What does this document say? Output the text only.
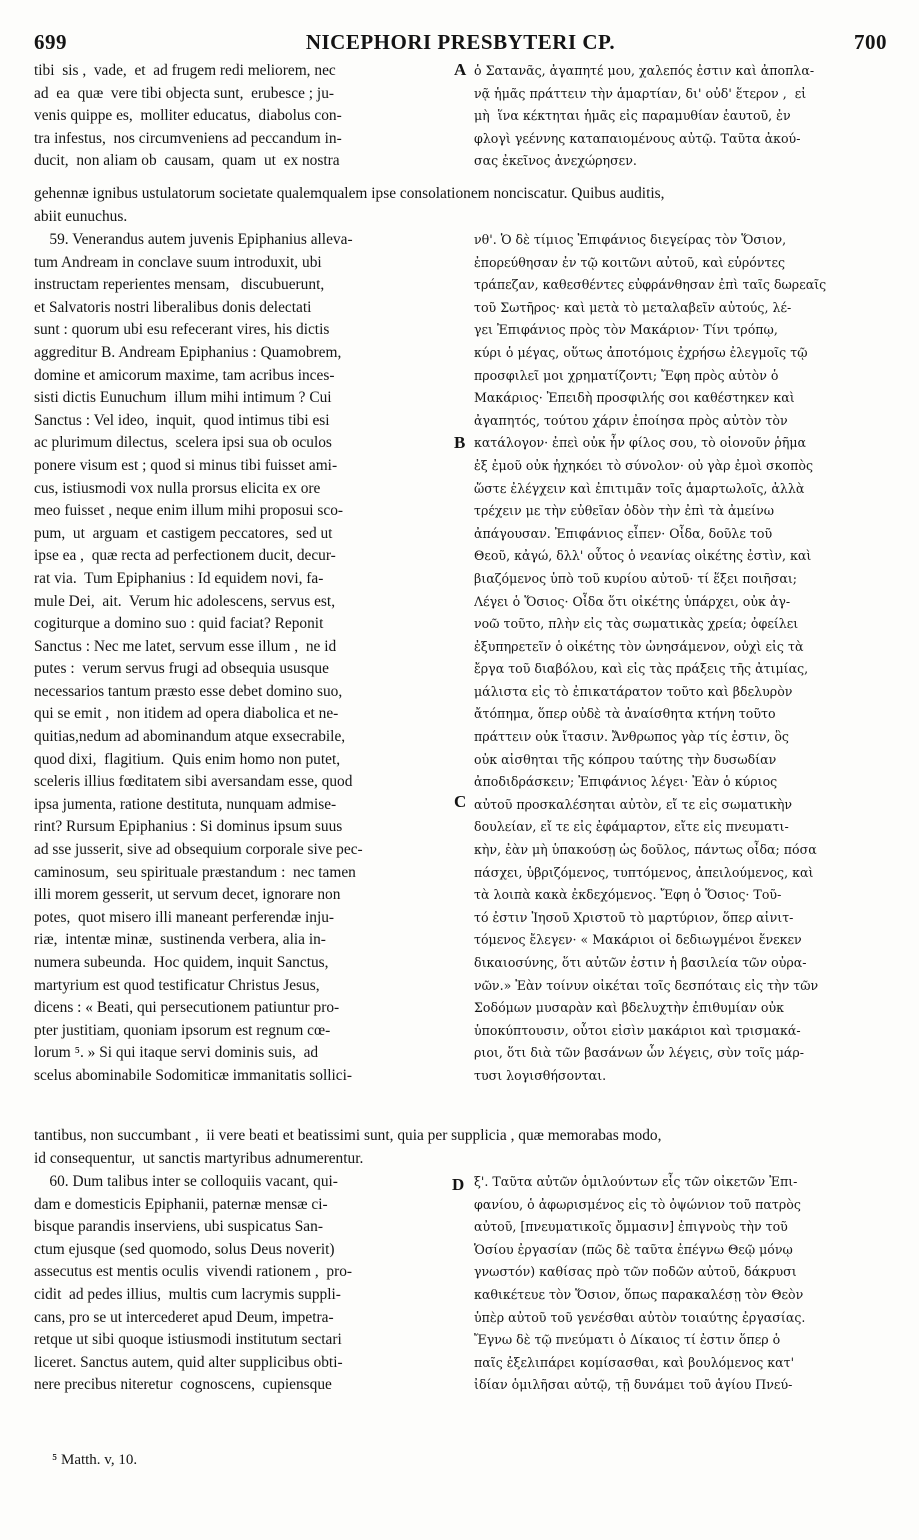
699	NICEPHORI PRESBYTERI CP.	700
tibi  sis ,  vade,  et  ad frugem redi meliorem, nec
ad  ea  quæ  vere tibi objecta sunt,  erubesce ; ju-
venis quippe es,  molliter educatus,  diabolus con-
tra infestus,  nos circumveniens ad peccandum in-
ducit,  non aliam ob  causam,  quam  ut  ex nostra
ὁ Σατανᾶς, ἀγαπητέ μου, χαλεπός ἐστιν καὶ ἀποπλα-
νᾷ ἡμᾶς πράττειν τὴν ἁμαρτίαν, δι' οὐδ' ἕτερον ,  εἰ
μὴ  ἵνα κέκτηται ἡμᾶς εἰς παραμυθίαν ἑαυτοῦ, ἐν
φλογὶ γεέννης καταπαιομένους αὐτῷ. Ταῦτα ἀκού-
σας ἐκεῖνος ἀνεχώρησεν.
gehennæ ignibus ustulatorum societate qualemqualem ipse consolationem nonciscatur. Quibus auditis,
abiit eunuchus.
59. Venerandus autem juvenis Epiphanius alleva-
tum Andream in conclave suum introduxit, ubi
instructam reperientes mensam,   discubuerunt,
et Salvatoris nostri liberalibus donis delectati
sunt : quorum ubi esu refecerant vires, his dictis
aggreditur B. Andream Epiphanius : Quamobrem,
domine et amicorum maxime, tam acribus inces-
sisti dictis Eunuchum  illum mihi intimum ? Cui
Sanctus : Vel ideo,  inquit,  quod intimus tibi esi
ac plurimum dilectus,  scelera ipsi sua ob oculos
ponere visum est ; quod si minus tibi fuisset ami-
cus, istiusmodi vox nulla prorsus elicita ex ore
meo fuisset , neque enim illum mihi proposui sco-
pum,  ut  arguam  et castigem peccatores,  sed ut
ipse ea ,  quæ recta ad perfectionem ducit, decur-
rat via.  Tum Epiphanius : Id equidem novi, fa-
mule Dei,  ait.  Verum hic adolescens, servus est,
cogiturque a domino suo : quid faciat? Reponit
Sanctus : Nec me latet, servum esse illum ,  ne id
putes :  verum servus frugi ad obsequia ususque
necessarios tantum præsto esse debet domino suo,
qui se emit ,  non itidem ad opera diabolica et ne-
quitias,nedum ad abominandum atque exsecrabile,
quod dixi,  flagitium.  Quis enim homo non putet,
sceleris illius fœditatem sibi aversandam esse, quod
ipsa jumenta, ratione destituta, nunquam admise-
rint? Rursum Epiphanius : Si dominus ipsum suus
ad sse jusserit, sive ad obsequium corporale sive pec-
caminosum,  seu spirituale præstandum :  nec tamen
illi morem gesserit, ut servum decet, ignorare non
potes,  quot misero illi maneant perferendæ inju-
riæ,  intentæ minæ,  sustinenda verbera, alia in-
numera subeunda.  Hoc quidem, inquit Sanctus,
martyrium est quod testificatur Christus Jesus,
dicens : « Beati, qui persecutionem patiuntur pro-
pter justitiam, quoniam ipsorum est regnum cœ-
lorum ⁵. » Si qui itaque servi dominis suis,  ad
scelus abominabile Sodomiticæ immanitatis sollici-
νθ'. Ὁ δὲ τίμιος Ἐπιφάνιος διεγείρας τὸν Ὅσιον,
ἐπορεύθησαν ἐν τῷ κοιτῶνι αὐτοῦ, καὶ εὑρόντες
τράπεζαν, καθεσθέντες εὐφράνθησαν ἐπὶ ταῖς δωρεαῖς
τοῦ Σωτῆρος· καὶ μετὰ τὸ μεταλαβεῖν αὐτούς, λέ-
γει Ἐπιφάνιος πρὸς τὸν Μακάριον· Τίνι τρόπῳ,
κύρι ὁ μέγας, οὕτως ἀποτόμοις ἐχρήσω ἐλεγμοῖς τῷ
προσφιλεῖ μοι χρηματίζοντι; Ἔφη πρὸς αὐτὸν ὁ
Μακάριος· Ἐπειδὴ προσφιλής σοι καθέστηκεν καὶ
ἀγαπητός, τούτου χάριν ἐποίησα πρὸς αὐτὸν τὸν
κατάλογον· ἐπεὶ οὐκ ἦν φίλος σου, τὸ οἱονοῦν ῥῆμα
ἐξ ἐμοῦ οὐκ ἠχηκόει τὸ σύνολον· οὐ γὰρ ἐμοὶ σκοπὸς
ὥστε ἐλέγχειν καὶ ἐπιτιμᾶν τοῖς ἁμαρτωλοῖς, ἀλλὰ
τρέχειν με τὴν εὐθεῖαν ὁδὸν τὴν ἐπὶ τὰ ἀμείνω
ἀπάγουσαν. Ἐπιφάνιος εἶπεν· Οἶδα, δοῦλε τοῦ
Θεοῦ, κἀγώ, δλλ' οὗτος ὁ νεανίας οἰκέτης ἐστὶν, καὶ
βιαζόμενος ὑπὸ τοῦ κυρίου αὐτοῦ· τί ἕξει ποιῆσαι;
Λέγει ὁ Ὅσιος· Οἶδα ὅτι οἰκέτης ὑπάρχει, οὐκ ἀγ-
νοῶ τοῦτο, πλὴν εἰς τὰς σωματικὰς χρεία; ὀφείλει
ἐξυπηρετεῖν ὁ οἰκέτης τὸν ὠνησάμενον, οὐχὶ εἰς τὰ
ἔργα τοῦ διαβόλου, καὶ εἰς τὰς πράξεις τῆς ἀτιμίας,
μάλιστα εἰς τὸ ἐπικατάρατον τοῦτο καὶ βδελυρὸν
ἄτόπημα, ὅπερ οὐδὲ τὰ ἀναίσθητα κτήνη τοῦτο
πράττειν οὐκ ἴτασιν. Ἄνθρωπος γὰρ τίς ἐστιν, ὃς
οὐκ αἰσθηται τῆς κόπρου ταύτης τὴν δυσωδίαν
ἀποδιδράσκειν; Ἐπιφάνιος λέγει· Ἐὰν ὁ κύριος
αὐτοῦ προσκαλέσηται αὐτὸν, εἴ τε εἰς σωματικὴν
δουλείαν, εἴ τε εἰς ἐφάμαρτον, εἴτε εἰς πνευματι-
κὴν, ἐὰν μὴ ὑπακούσῃ ὡς δοῦλος, πάντως οἶδα; πόσα
πάσχει, ὑβριζόμενος, τυπτόμενος, ἀπειλούμενος, καὶ
τὰ λοιπὰ κακὰ ἐκδεχόμενος. Ἔφη ὁ Ὅσιος· Τοῦ-
τό ἐστιν Ἰησοῦ Χριστοῦ τὸ μαρτύριον, ὅπερ αἰνιτ-
τόμενος ἔλεγεν· « Μακάριοι οἱ δεδιωγμένοι ἕνεκεν
δικαιοσύνης, ὅτι αὐτῶν ἐστιν ἡ βασιλεία τῶν οὐρα-
νῶν.» Ἐὰν τοίνυν οἰκέται τοῖς δεσπόταις εἰς τὴν τῶν
Σοδόμων μυσαρὰν καὶ βδελυχτὴν ἐπιθυμίαν οὐκ
ὑποκύπτουσιν, οὗτοι εἰσὶν μακάριοι καὶ τρισμακά-
ριοι, ὅτι διὰ τῶν βασάνων ὧν λέγεις, σὺν τοῖς μάρ-
τυσι λογισθήσονται.
tantibus, non succumbant ,  ii vere beati et beatissimi sunt, quia per supplicia , quæ memorabas modo,
id consequentur,  ut sanctis martyribus adnumerentur.
60. Dum talibus inter se colloquiis vacant, qui-
dam e domesticis Epiphanii, paternæ mensæ ci-
bisque parandis inserviens, ubi suspicatus San-
ctum ejusque (sed quomodo, solus Deus noverit)
assecutus est mentis oculis  vivendi rationem ,  pro-
cidit  ad pedes illius,  multis cum lacrymis suppli-
cans, pro se ut intercederet apud Deum, impetra-
retque ut sibi quoque istiusmodi institutum sectari
liceret. Sanctus autem, quid alter supplicibus obti-
nere precibus niteretur  cognoscens,  cupiensque
ξ'. Ταῦτα αὐτῶν ὁμιλούντων εἷς τῶν οἰκετῶν Ἐπι-
φανίου, ὁ ἀφωρισμένος εἰς τὸ ὀψώνιον τοῦ πατρὸς
αὐτοῦ, [πνευματικοῖς ὄμμασιν] ἐπιγνοὺς τὴν τοῦ
Ὁσίου ἐργασίαν (πῶς δὲ ταῦτα ἐπέγνω Θεῷ μόνῳ
γνωστόν) καθίσας πρὸ τῶν ποδῶν αὐτοῦ, δάκρυσι
καθικέτευε τὸν Ὅσιον, ὅπως παρακαλέσῃ τὸν Θεὸν
ὑπὲρ αὐτοῦ τοῦ γενέσθαι αὐτὸν τοιαύτης ἐργασίας.
Ἔγνω δὲ τῷ πνεύματι ὁ Δίκαιος τί ἐστιν ὅπερ ὁ
παῖς ἐξελιπάρει κομίσασθαι, καὶ βουλόμενος κατ'
ἰδίαν ὁμιλῆσαι αὐτῷ, τῇ δυνάμει τοῦ ἁγίου Πνεύ-
A
B
C
D
⁵ Matth. v, 10.
